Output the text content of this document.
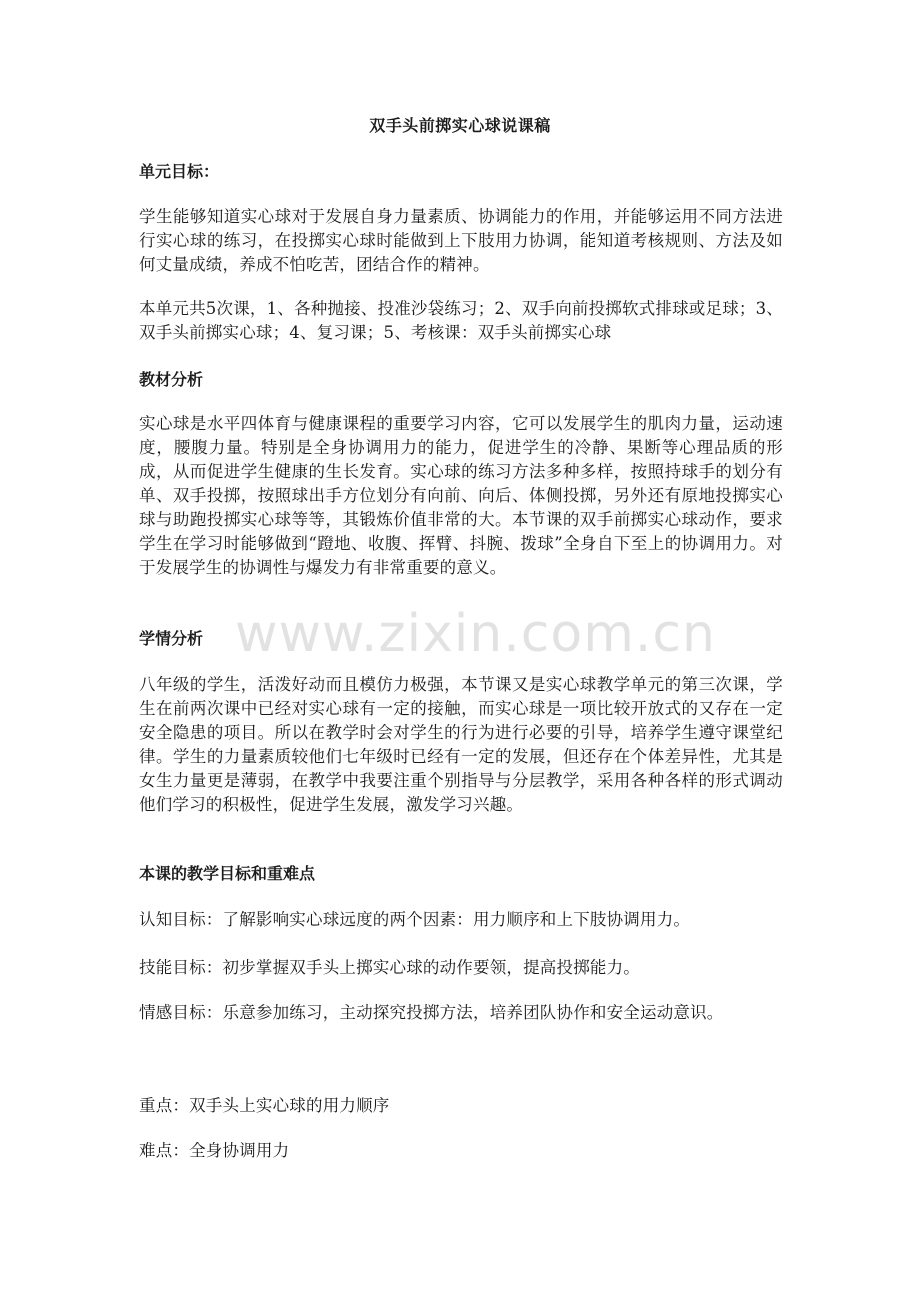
双手头前掷实心球说课稿
单元目标：
学生能够知道实心球对于发展自身力量素质、协调能力的作用，并能够运用不同方法进行实心球的练习，在投掷实心球时能做到上下肢用力协调，能知道考核规则、方法及如何丈量成绩，养成不怕吃苦，团结合作的精神。
本单元共5次课，1、各种抛接、投准沙袋练习；2、双手向前投掷软式排球或足球；3、双手头前掷实心球；4、复习课；5、考核课：双手头前掷实心球
教材分析
实心球是水平四体育与健康课程的重要学习内容，它可以发展学生的肌肉力量，运动速度，腰腹力量。特别是全身协调用力的能力，促进学生的冷静、果断等心理品质的形成，从而促进学生健康的生长发育。实心球的练习方法多种多样，按照持球手的划分有单、双手投掷，按照球出手方位划分有向前、向后、体侧投掷，另外还有原地投掷实心球与助跑投掷实心球等等，其锻炼价值非常的大。本节课的双手前掷实心球动作，要求学生在学习时能够做到“蹬地、收腹、挥臂、抖腕、拨球”全身自下至上的协调用力。对于发展学生的协调性与爆发力有非常重要的意义。
学情分析
八年级的学生，活泼好动而且模仿力极强，本节课又是实心球教学单元的第三次课，学生在前两次课中已经对实心球有一定的接触，而实心球是一项比较开放式的又存在一定安全隐患的项目。所以在教学时会对学生的行为进行必要的引导，培养学生遵守课堂纪律。学生的力量素质较他们七年级时已经有一定的发展，但还存在个体差异性，尤其是女生力量更是薄弱，在教学中我要注重个别指导与分层教学，采用各种各样的形式调动他们学习的积极性，促进学生发展，激发学习兴趣。
本课的教学目标和重难点
认知目标：了解影响实心球远度的两个因素：用力顺序和上下肢协调用力。
技能目标：初步掌握双手头上掷实心球的动作要领，提高投掷能力。
情感目标：乐意参加练习，主动探究投掷方法，培养团队协作和安全运动意识。
重点：双手头上实心球的用力顺序
难点：全身协调用力
www.zixin.com.cn
